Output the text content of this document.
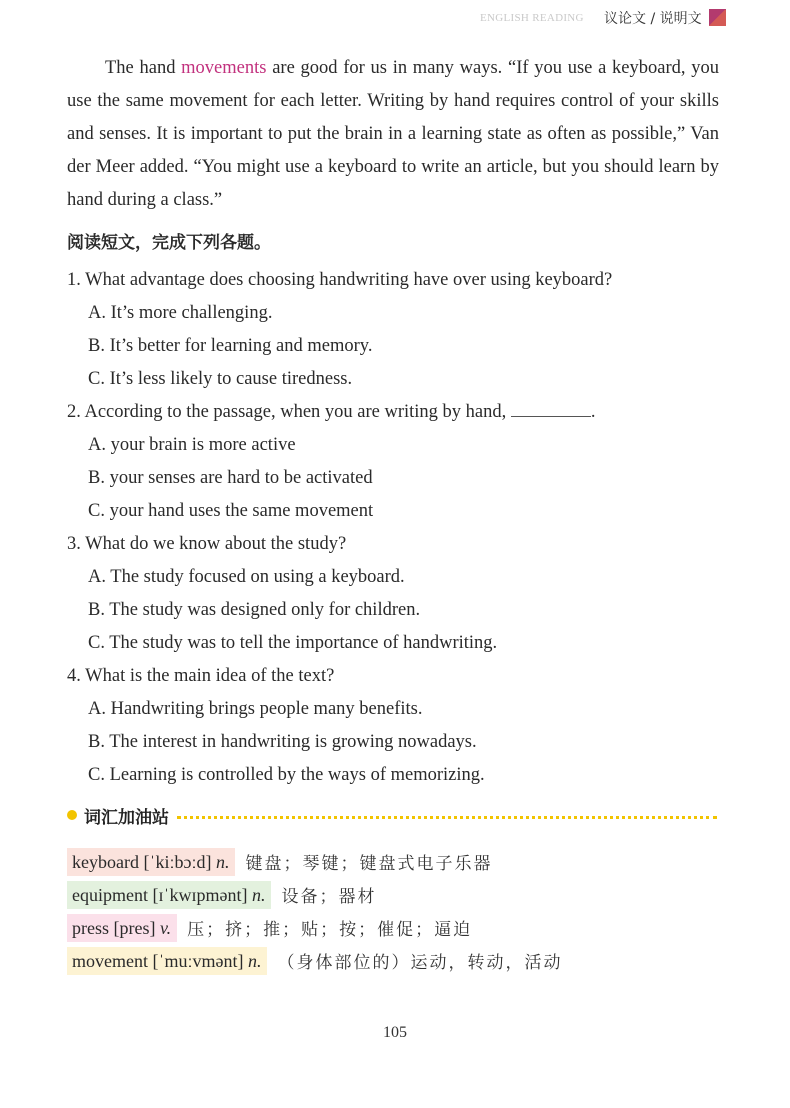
ENGLISH READING 议论文 / 说明文
The hand movements are good for us in many ways. “If you use a keyboard, you use the same movement for each letter. Writing by hand requires control of your skills and senses. It is important to put the brain in a learning state as often as possible,” Van der Meer added. “You might use a keyboard to write an article, but you should learn by hand during a class.”
阅读短文，完成下列各题。
1. What advantage does choosing handwriting have over using keyboard?
A. It’s more challenging.
B. It’s better for learning and memory.
C. It’s less likely to cause tiredness.
2. According to the passage, when you are writing by hand,	.
A. your brain is more active
B. your senses are hard to be activated
C. your hand uses the same movement
3. What do we know about the study?
A. The study focused on using a keyboard.
B. The study was designed only for children.
C. The study was to tell the importance of handwriting.
4. What is the main idea of the text?
A. Handwriting brings people many benefits.
B. The interest in handwriting is growing nowadays.
C. Learning is controlled by the ways of memorizing.
词汇加油站
keyboard [ˈkiːbɔːd] n. 键盘；琴键；键盘式电子乐器
equipment [ɪˈkwɪpmənt] n. 设备；器材
press [pres] v. 压；挤；推；贴；按；催促；逼迫
movement [ˈmuːvmənt] n. （身体部位的）运动，转动，活动
105
